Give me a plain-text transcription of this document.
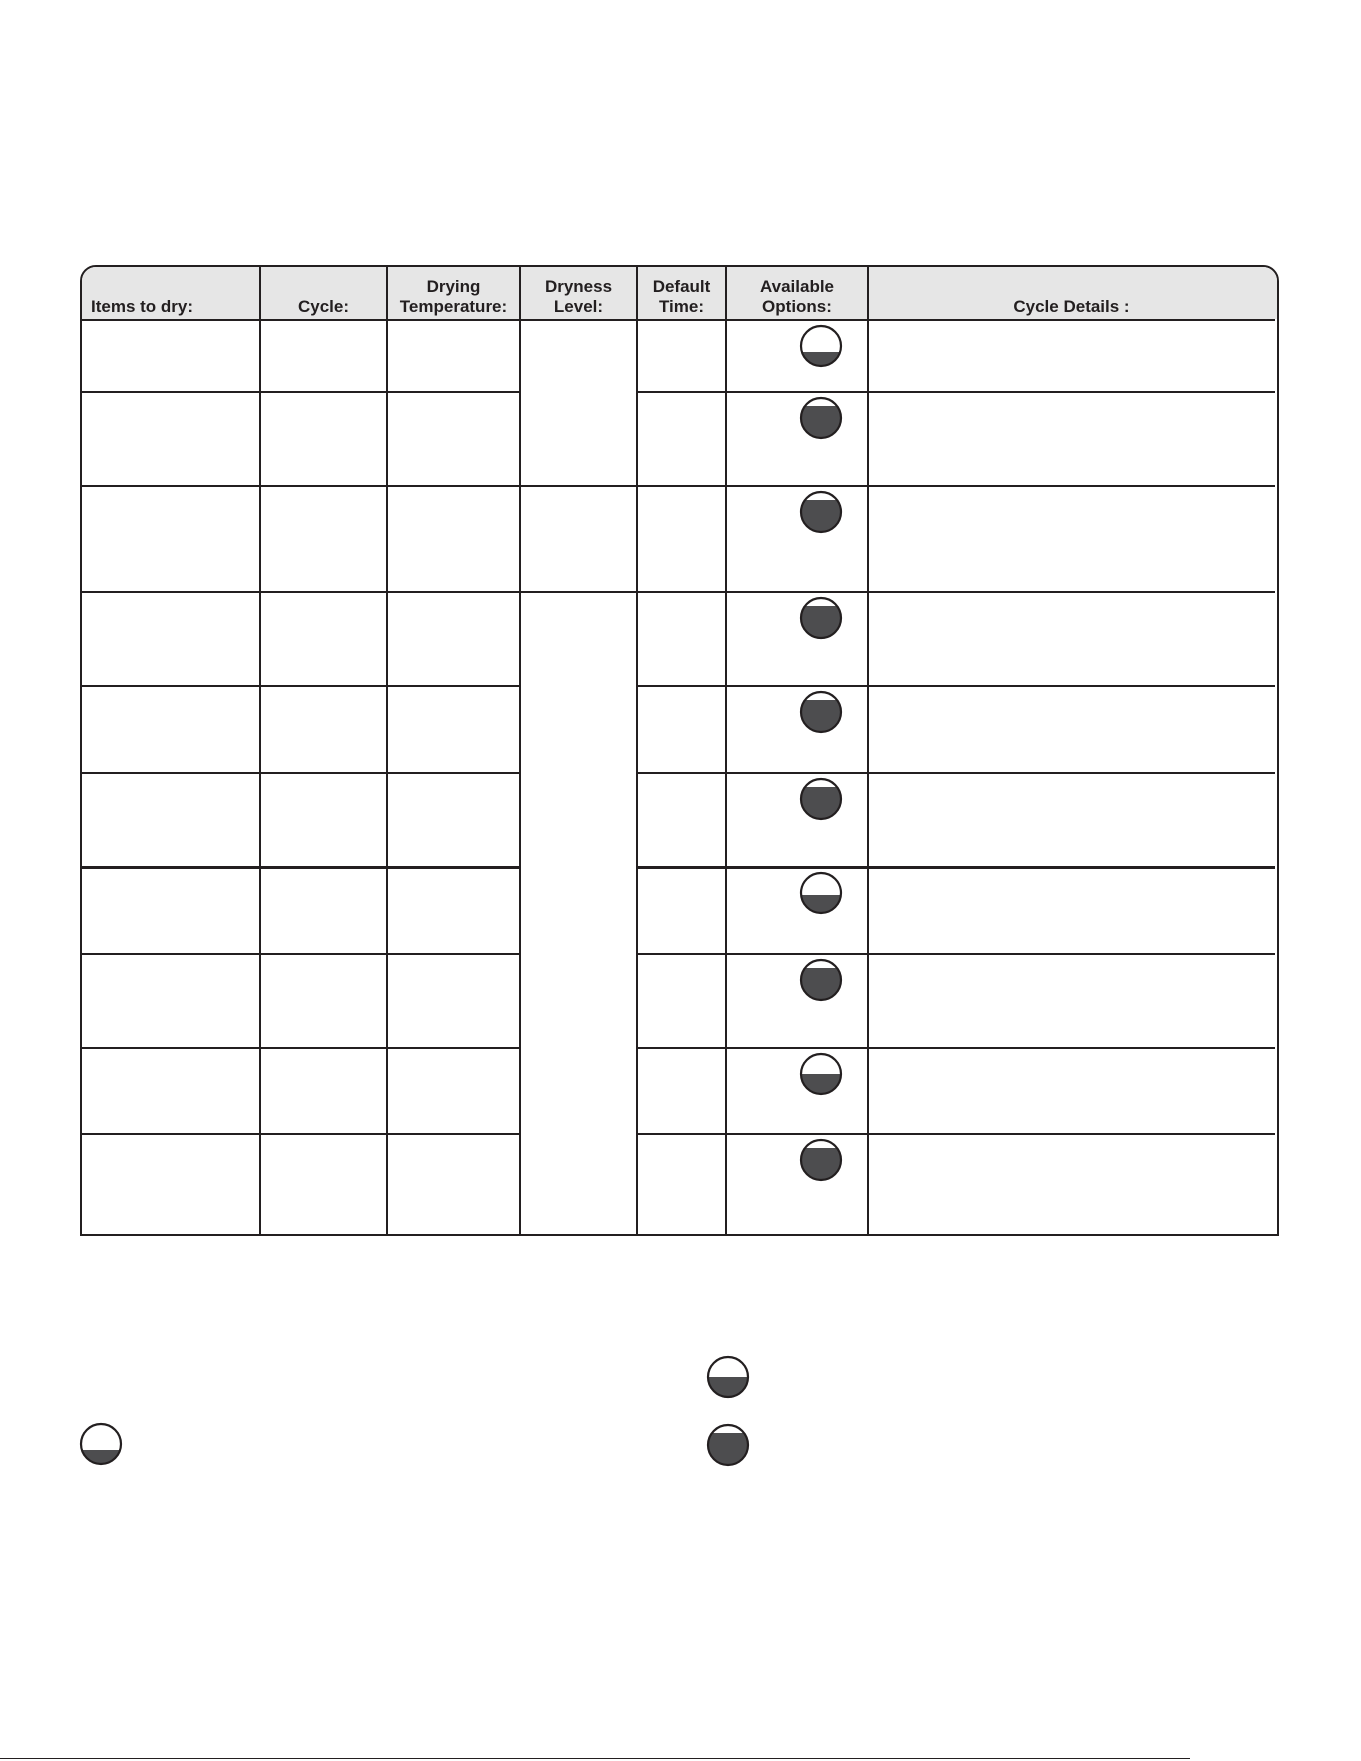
Items to dry:	Cycle:
Drying
Temperature:
Dryness
Level:
Default
Time:
Available
Options:	Cycle Details :
